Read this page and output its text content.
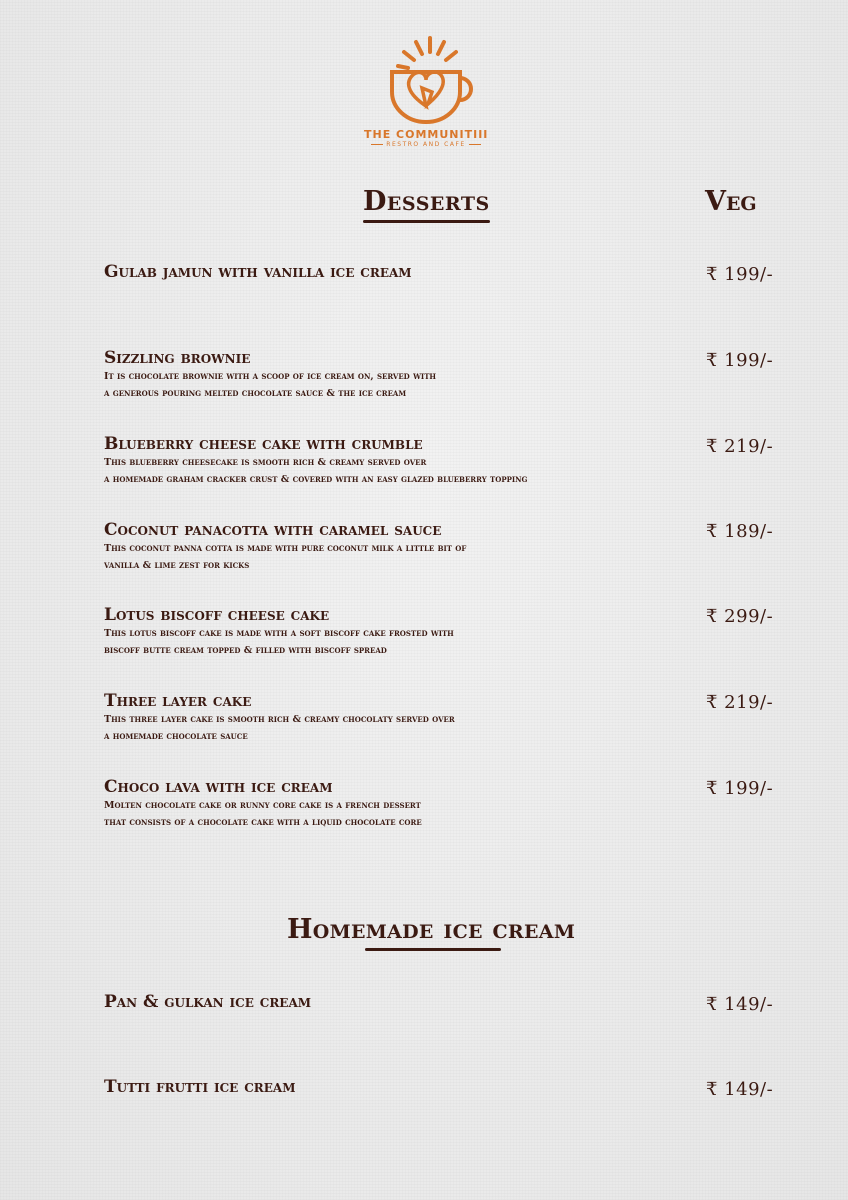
THE COMMUNITIII
RESTRO AND CAFE
Desserts	Veg
Gulab jamun with vanilla ice cream	₹ 199/-
Sizzling brownie
It is chocolate brownie with a scoop of ice cream on, served with
a generous pouring melted chocolate sauce & the ice cream
₹ 199/-
Blueberry cheese cake with crumble
This blueberry cheesecake is smooth rich & creamy served over
a homemade graham cracker crust & covered with an easy glazed blueberry topping
₹ 219/-
Coconut panacotta with caramel sauce
This coconut panna cotta is made with pure coconut milk a little bit of
vanilla & lime zest for kicks
₹ 189/-
Lotus biscoff cheese cake
This lotus biscoff cake is made with a soft biscoff cake frosted with
biscoff butte cream topped & filled with biscoff spread
₹ 299/-
Three layer cake
This three layer cake is smooth rich & creamy chocolaty served over
a homemade chocolate sauce
₹ 219/-
Choco lava with ice cream
Molten chocolate cake or runny core cake is a french dessert
that consists of a chocolate cake with a liquid chocolate core
₹ 199/-
Homemade ice cream
Pan & gulkan ice cream	₹ 149/-
Tutti frutti ice cream	₹ 149/-
